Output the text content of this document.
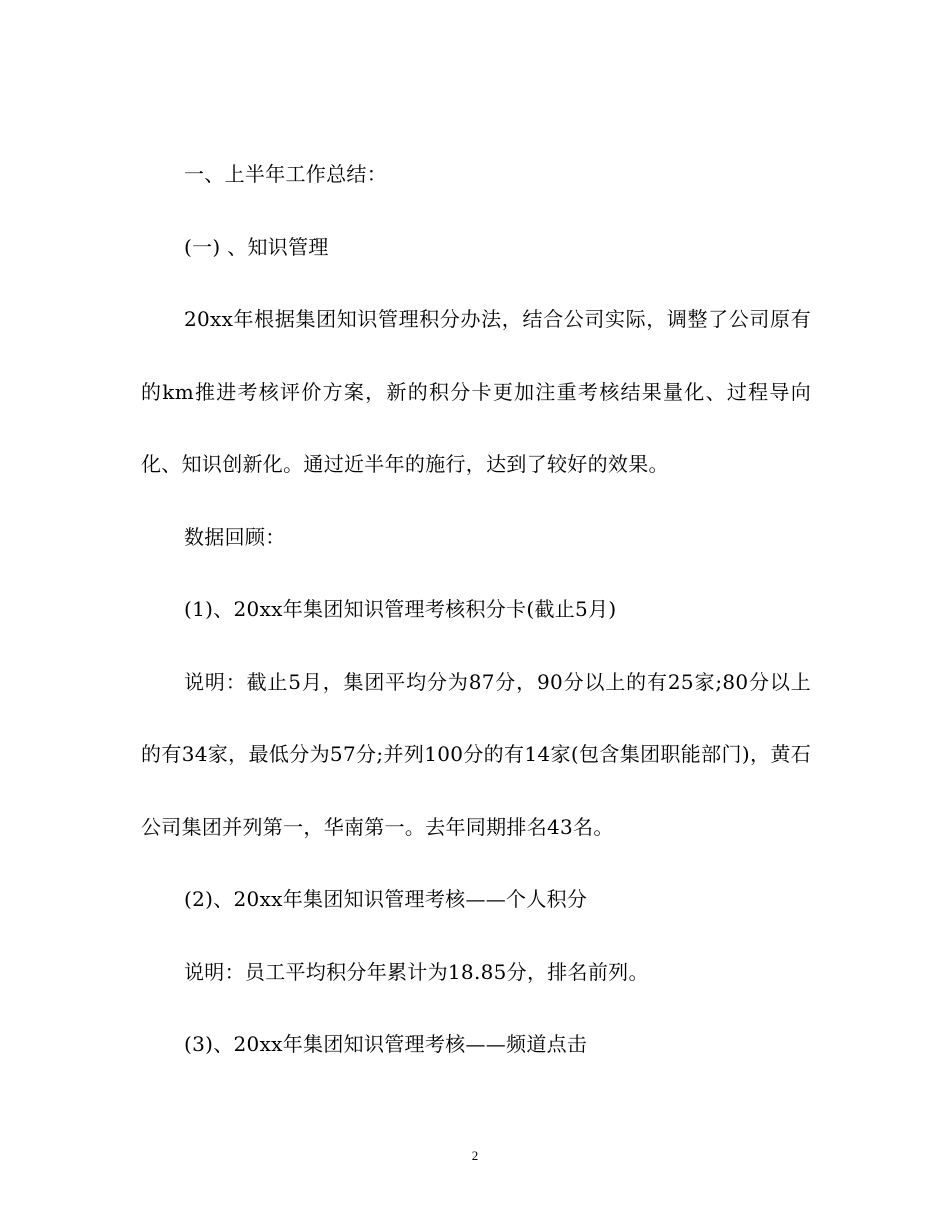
一、上半年工作总结：

(一) 、知识管理

20xx年根据集团知识管理积分办法，结合公司实际，调整了公司原有的km推进考核评价方案，新的积分卡更加注重考核结果量化、过程导向化、知识创新化。通过近半年的施行，达到了较好的效果。

数据回顾：

(1)、20xx年集团知识管理考核积分卡(截止5月)

说明：截止5月，集团平均分为87分，90分以上的有25家;80分以上的有34家，最低分为57分;并列100分的有14家(包含集团职能部门)，黄石公司集团并列第一，华南第一。去年同期排名43名。

(2)、20xx年集团知识管理考核——个人积分

说明：员工平均积分年累计为18.85分，排名前列。

(3)、20xx年集团知识管理考核——频道点击

2
